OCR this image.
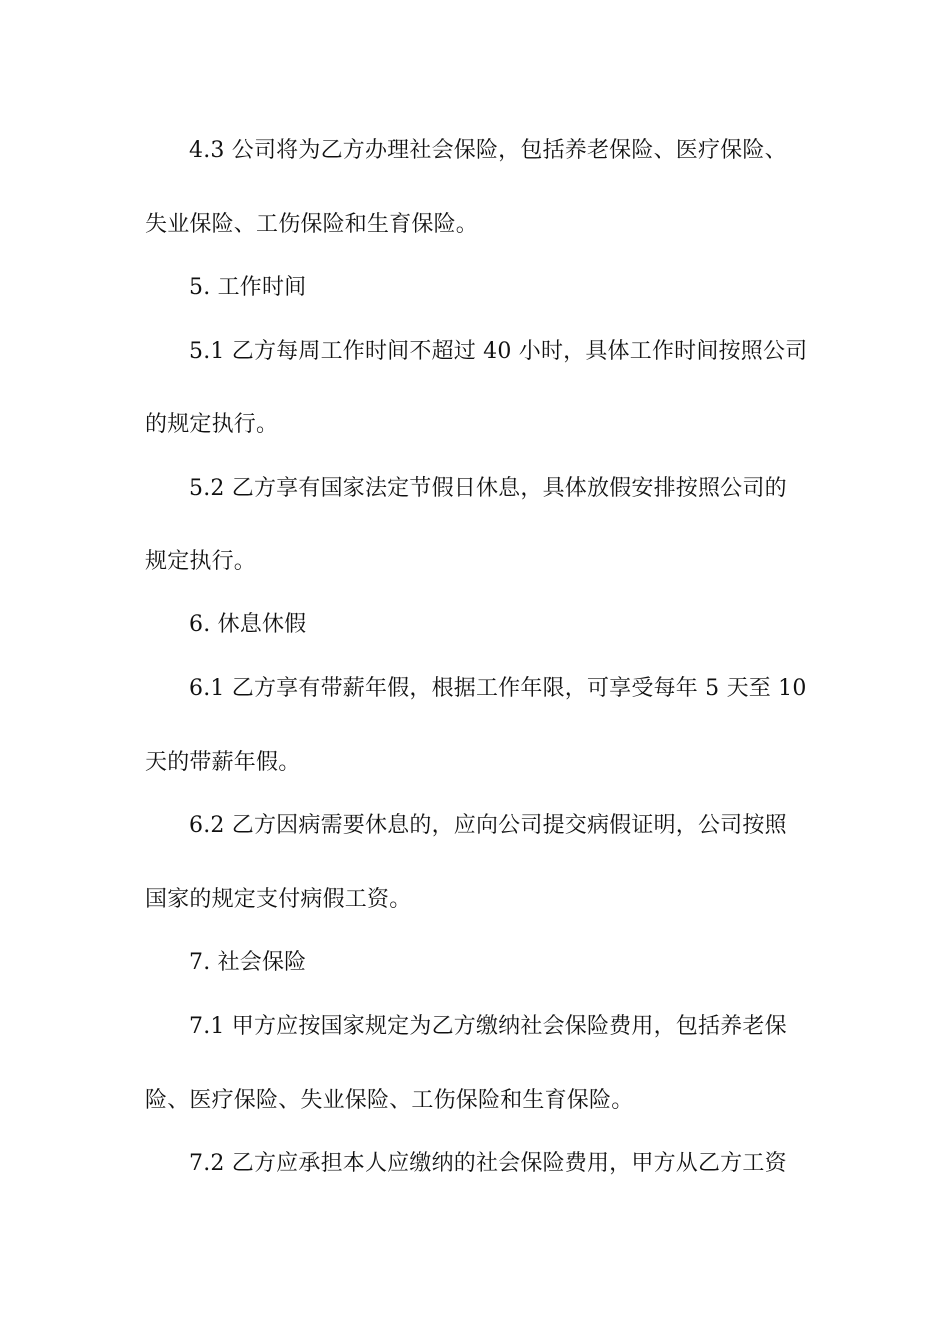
4.3 公司将为乙方办理社会保险，包括养老保险、医疗保险、
失业保险、工伤保险和生育保险。
5. 工作时间
5.1 乙方每周工作时间不超过 40 小时，具体工作时间按照公司
的规定执行。
5.2 乙方享有国家法定节假日休息，具体放假安排按照公司的
规定执行。
6. 休息休假
6.1 乙方享有带薪年假，根据工作年限，可享受每年 5 天至 10
天的带薪年假。
6.2 乙方因病需要休息的，应向公司提交病假证明，公司按照
国家的规定支付病假工资。
7. 社会保险
7.1 甲方应按国家规定为乙方缴纳社会保险费用，包括养老保
险、医疗保险、失业保险、工伤保险和生育保险。
7.2 乙方应承担本人应缴纳的社会保险费用，甲方从乙方工资
